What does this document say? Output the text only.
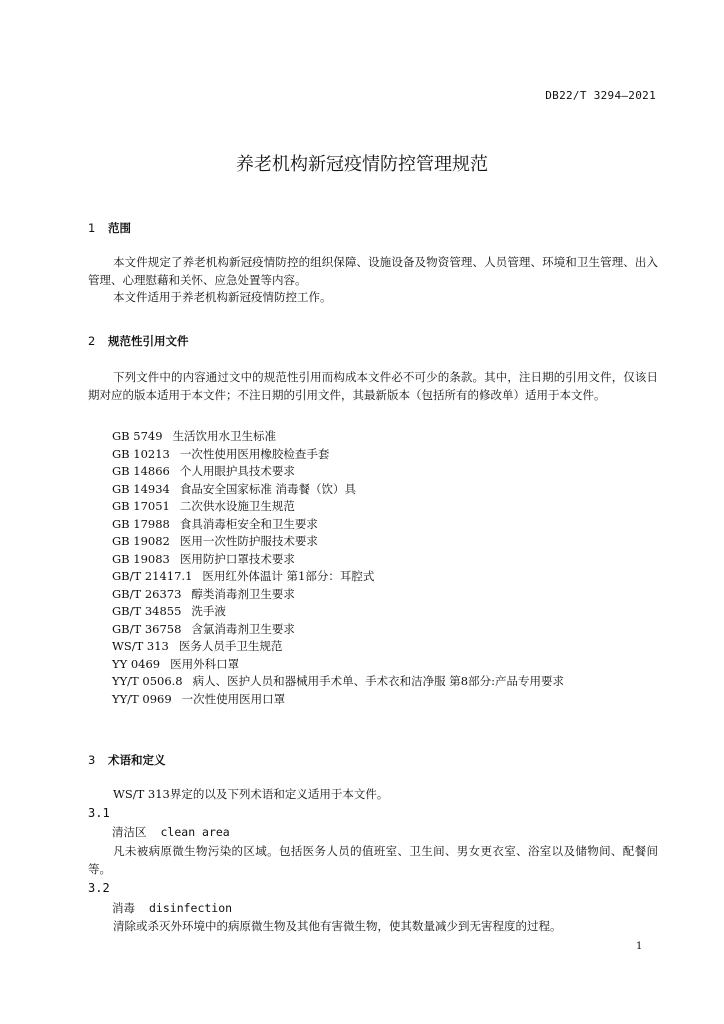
DB22/T 3294—2021
养老机构新冠疫情防控管理规范
1 范围

本文件规定了养老机构新冠疫情防控的组织保障、设施设备及物资管理、人员管理、环境和卫生管理、出入管理、心理慰藉和关怀、应急处置等内容。

本文件适用于养老机构新冠疫情防控工作。

2 规范性引用文件

下列文件中的内容通过文中的规范性引用而构成本文件必不可少的条款。其中，注日期的引用文件，仅该日期对应的版本适用于本文件；不注日期的引用文件，其最新版本（包括所有的修改单）适用于本文件。

GB 5749 生活饮用水卫生标准
GB 10213 一次性使用医用橡胶检查手套
GB 14866 个人用眼护具技术要求
GB 14934 食品安全国家标准 消毒餐（饮）具
GB 17051 二次供水设施卫生规范
GB 17988 食具消毒柜安全和卫生要求
GB 19082 医用一次性防护服技术要求
GB 19083 医用防护口罩技术要求
GB/T 21417.1 医用红外体温计 第1部分：耳腔式
GB/T 26373 醇类消毒剂卫生要求
GB/T 34855 洗手液
GB/T 36758 含氯消毒剂卫生要求
WS/T 313 医务人员手卫生规范
YY 0469 医用外科口罩
YY/T 0506.8 病人、医护人员和器械用手术单、手术衣和洁净服 第8部分:产品专用要求
YY/T 0969 一次性使用医用口罩
3 术语和定义

WS/T 313界定的以及下列术语和定义适用于本文件。

3.1
清洁区 clean area

凡未被病原微生物污染的区域。包括医务人员的值班室、卫生间、男女更衣室、浴室以及储物间、配餐间等。

3.2
消毒 disinfection

清除或杀灭外环境中的病原微生物及其他有害微生物，使其数量减少到无害程度的过程。

1
